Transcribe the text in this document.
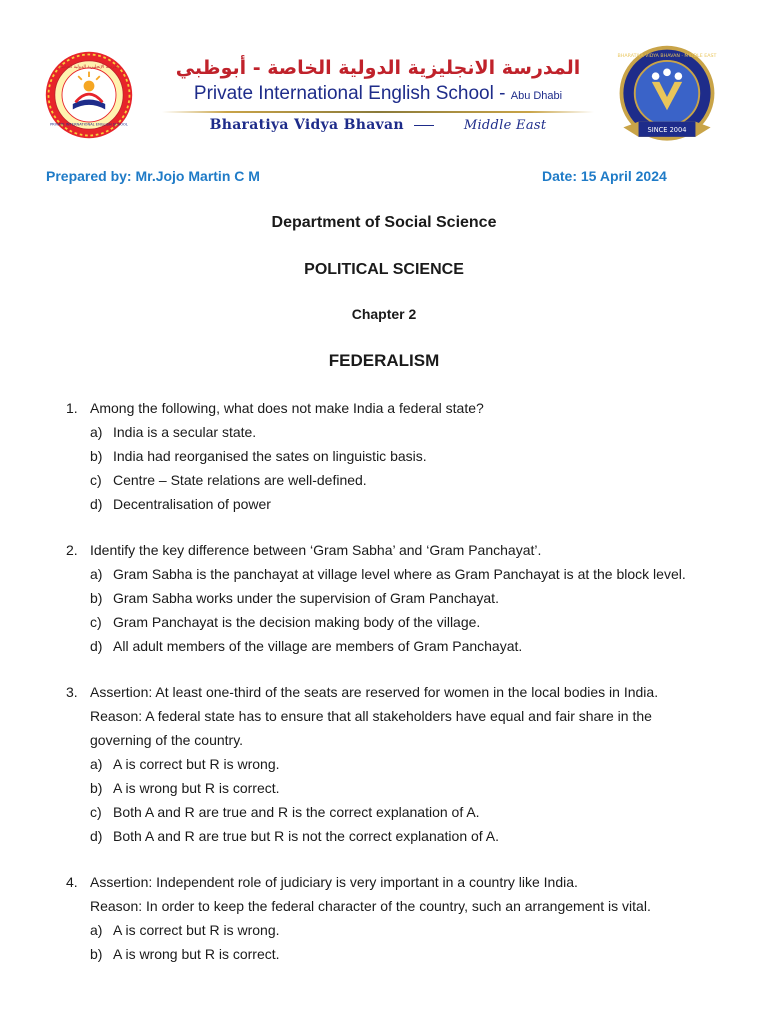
مدرسة الإنجليزية الدولية الخاصة
PRIVATE INTERNATIONAL ENGLISH SCHOOL
المدرسة الانجليزية الدولية الخاصة - أبوظبي
Private International English School - Abu Dhabi
Bharatiya Vidya Bhavan	Middle East
BHARATIYA VIDYA BHAVAN · MIDDLE EAST
SINCE 2004
Prepared by: Mr.Jojo Martin C M	Date: 15 April 2024
Department of Social Science
POLITICAL SCIENCE
Chapter 2
FEDERALISM
1. Among the following, what does not make India a federal state?
a) India is a secular state.
b) India had reorganised the sates on linguistic basis.
c) Centre – State relations are well-defined.
d) Decentralisation of power
2. Identify the key difference between ‘Gram Sabha’ and ‘Gram Panchayat’.
a) Gram Sabha is the panchayat at village level where as Gram Panchayat is at the block level.
b) Gram Sabha works under the supervision of Gram Panchayat.
c) Gram Panchayat is the decision making body of the village.
d) All adult members of the village are members of Gram Panchayat.
3. Assertion: At least one-third of the seats are reserved for women in the local bodies in India.
Reason: A federal state has to ensure that all stakeholders have equal and fair share in the
governing of the country.
a) A is correct but R is wrong.
b) A is wrong but R is correct.
c) Both A and R are true and R is the correct explanation of A.
d) Both A and R are true but R is not the correct explanation of A.
4. Assertion: Independent role of judiciary is very important in a country like India.
Reason: In order to keep the federal character of the country, such an arrangement is vital.
a) A is correct but R is wrong.
b) A is wrong but R is correct.
